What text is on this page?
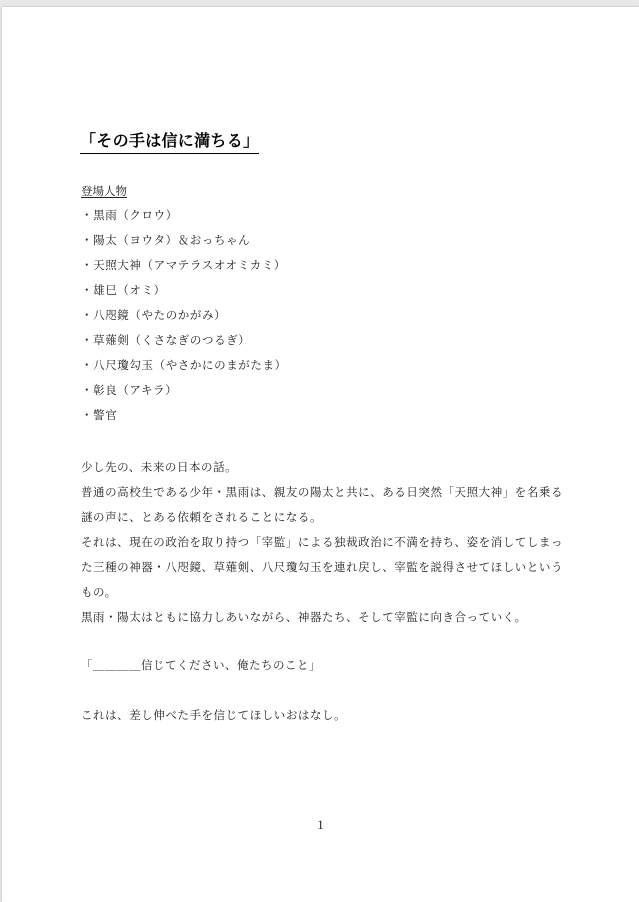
「その手は信に満ちる」
登場人物
・黒雨（クロウ）
・陽太（ヨウタ）＆おっちゃん
・天照大神（アマテラスオオミカミ）
・雄巳（オミ）
・八咫鏡（やたのかがみ）
・草薙剣（くさなぎのつるぎ）
・八尺瓊勾玉（やさかにのまがたま）
・彰良（アキラ）
・警官

少し先の、未来の日本の話。

普通の高校生である少年・黒雨は、親友の陽太と共に、ある日突然「天照大神」を名乗る謎の声に、とある依頼をされることになる。

それは、現在の政治を取り持つ「宰監」による独裁政治に不満を持ち、姿を消してしまった三種の神器・八咫鏡、草薙剣、八尺瓊勾玉を連れ戻し、宰監を説得させてほしいというもの。

黒雨・陽太はともに協力しあいながら、神器たち、そして宰監に向き合っていく。

「＿＿＿＿信じてください、俺たちのこと」
これは、差し伸べた手を信じてほしいおはなし。
1
